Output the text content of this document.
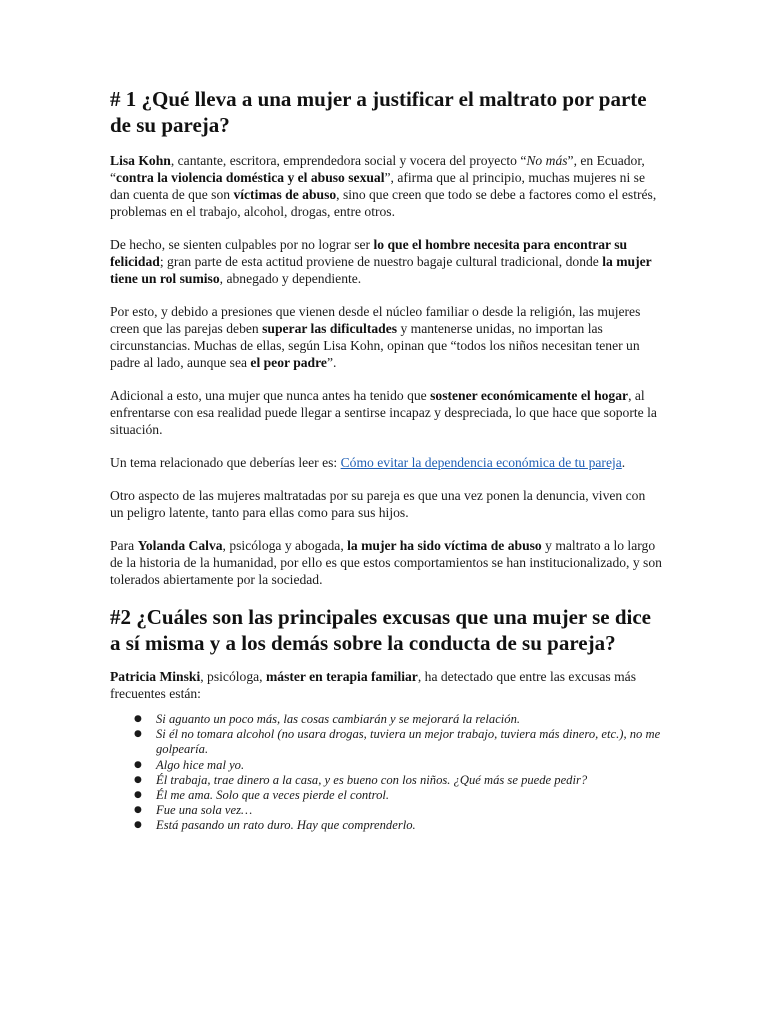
# 1 ¿Qué lleva a una mujer a justificar el maltrato por parte de su pareja?

Lisa Kohn, cantante, escritora, emprendedora social y vocera del proyecto “No más”, en Ecuador, “contra la violencia doméstica y el abuso sexual”, afirma que al principio, muchas mujeres ni se dan cuenta de que son víctimas de abuso, sino que creen que todo se debe a factores como el estrés, problemas en el trabajo, alcohol, drogas, entre otros.

De hecho, se sienten culpables por no lograr ser lo que el hombre necesita para encontrar su felicidad; gran parte de esta actitud proviene de nuestro bagaje cultural tradicional, donde la mujer tiene un rol sumiso, abnegado y dependiente.

Por esto, y debido a presiones que vienen desde el núcleo familiar o desde la religión, las mujeres creen que las parejas deben superar las dificultades y mantenerse unidas, no importan las circunstancias. Muchas de ellas, según Lisa Kohn, opinan que “todos los niños necesitan tener un padre al lado, aunque sea el peor padre”.

Adicional a esto, una mujer que nunca antes ha tenido que sostener económicamente el hogar, al enfrentarse con esa realidad puede llegar a sentirse incapaz y despreciada, lo que hace que soporte la situación.

Un tema relacionado que deberías leer es: Cómo evitar la dependencia económica de tu pareja.

Otro aspecto de las mujeres maltratadas por su pareja es que una vez ponen la denuncia, viven con un peligro latente, tanto para ellas como para sus hijos.

Para Yolanda Calva, psicóloga y abogada, la mujer ha sido víctima de abuso y maltrato a lo largo de la historia de la humanidad, por ello es que estos comportamientos se han institucionalizado, y son tolerados abiertamente por la sociedad.

#2 ¿Cuáles son las principales excusas que una mujer se dice a sí misma y a los demás sobre la conducta de su pareja?

Patricia Minski, psicóloga, máster en terapia familiar, ha detectado que entre las excusas más frecuentes están:

● Si aguanto un poco más, las cosas cambiarán y se mejorará la relación.
● Si él no tomara alcohol (no usara drogas, tuviera un mejor trabajo, tuviera más dinero, etc.), no me golpearía.
● Algo hice mal yo.
● Él trabaja, trae dinero a la casa, y es bueno con los niños. ¿Qué más se puede pedir?
● Él me ama. Solo que a veces pierde el control.
● Fue una sola vez…
● Está pasando un rato duro. Hay que comprenderlo.
